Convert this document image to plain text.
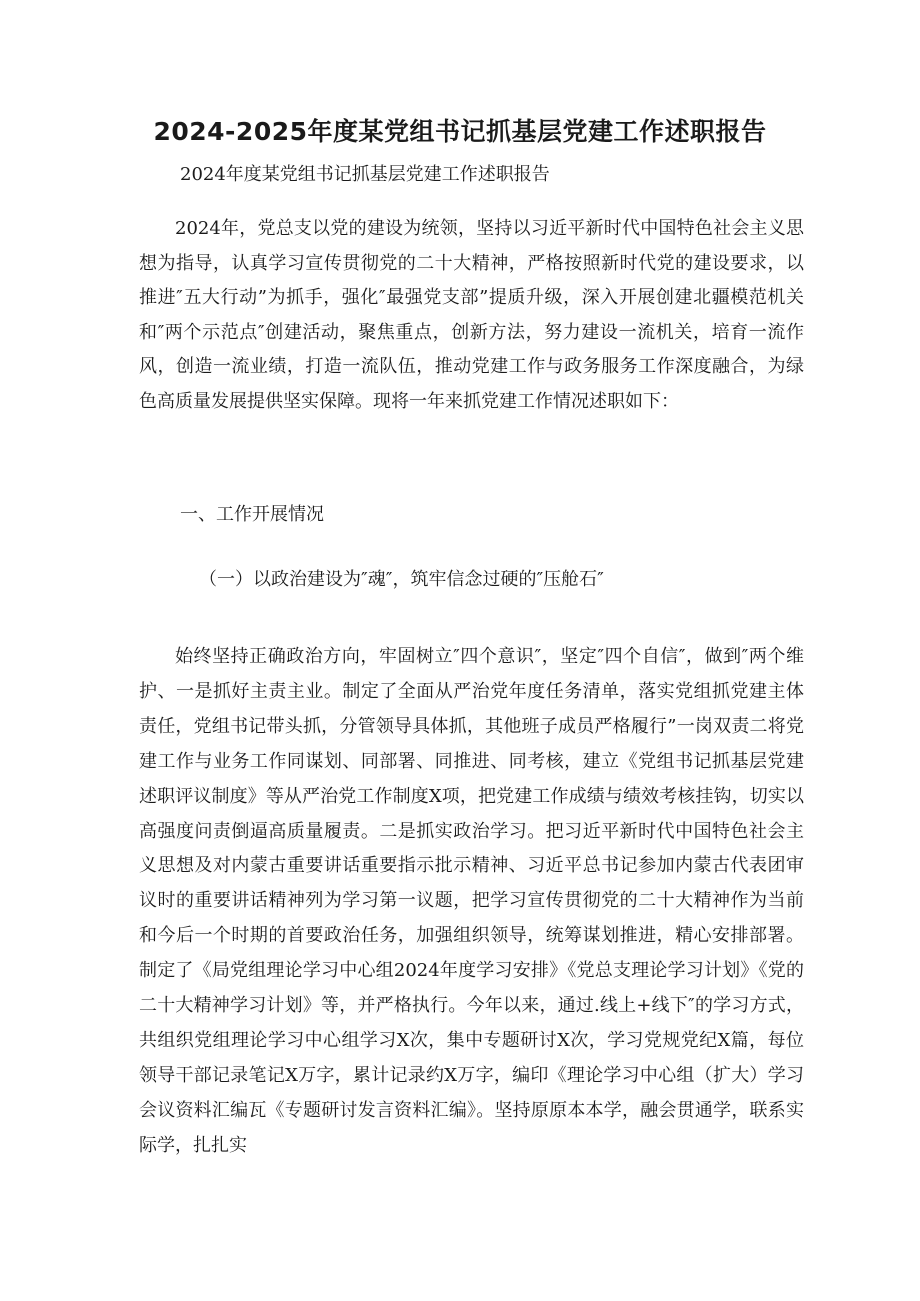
2024-2025年度某党组书记抓基层党建工作述职报告

2024年度某党组书记抓基层党建工作述职报告

2024年，党总支以党的建设为统领，坚持以习近平新时代中国特色社会主义思想为指导，认真学习宣传贯彻党的二十大精神，严格按照新时代党的建设要求，以推进″五大行动”为抓手，强化″最强党支部”提质升级，深入开展创建北疆模范机关和″两个示范点″创建活动，聚焦重点，创新方法，努力建设一流机关，培育一流作风，创造一流业绩，打造一流队伍，推动党建工作与政务服务工作深度融合，为绿色高质量发展提供坚实保障。现将一年来抓党建工作情况述职如下：

一、工作开展情况

（一）以政治建设为″魂″，筑牢信念过硬的″压舱石″

始终坚持正确政治方向，牢固树立″四个意识″，坚定″四个自信″，做到″两个维护、一是抓好主责主业。制定了全面从严治党年度任务清单，落实党组抓党建主体责任，党组书记带头抓，分管领导具体抓，其他班子成员严格履行”一岗双责二将党建工作与业务工作同谋划、同部署、同推进、同考核，建立《党组书记抓基层党建述职评议制度》等从严治党工作制度X项，把党建工作成绩与绩效考核挂钩，切实以高强度问责倒逼高质量履责。二是抓实政治学习。把习近平新时代中国特色社会主义思想及对内蒙古重要讲话重要指示批示精神、习近平总书记参加内蒙古代表团审议时的重要讲话精神列为学习第一议题，把学习宣传贯彻党的二十大精神作为当前和今后一个时期的首要政治任务，加强组织领导，统筹谋划推进，精心安排部署。制定了《局党组理论学习中心组2024年度学习安排》《党总支理论学习计划》《党的二十大精神学习计划》等，并严格执行。今年以来，通过.线上+线下″的学习方式，共组织党组理论学习中心组学习X次，集中专题研讨X次，学习党规党纪X篇，每位领导干部记录笔记X万字，累计记录约X万字，编印《理论学习中心组（扩大）学习会议资料汇编瓦《专题研讨发言资料汇编》。坚持原原本本学，融会贯通学，联系实际学，扎扎实
